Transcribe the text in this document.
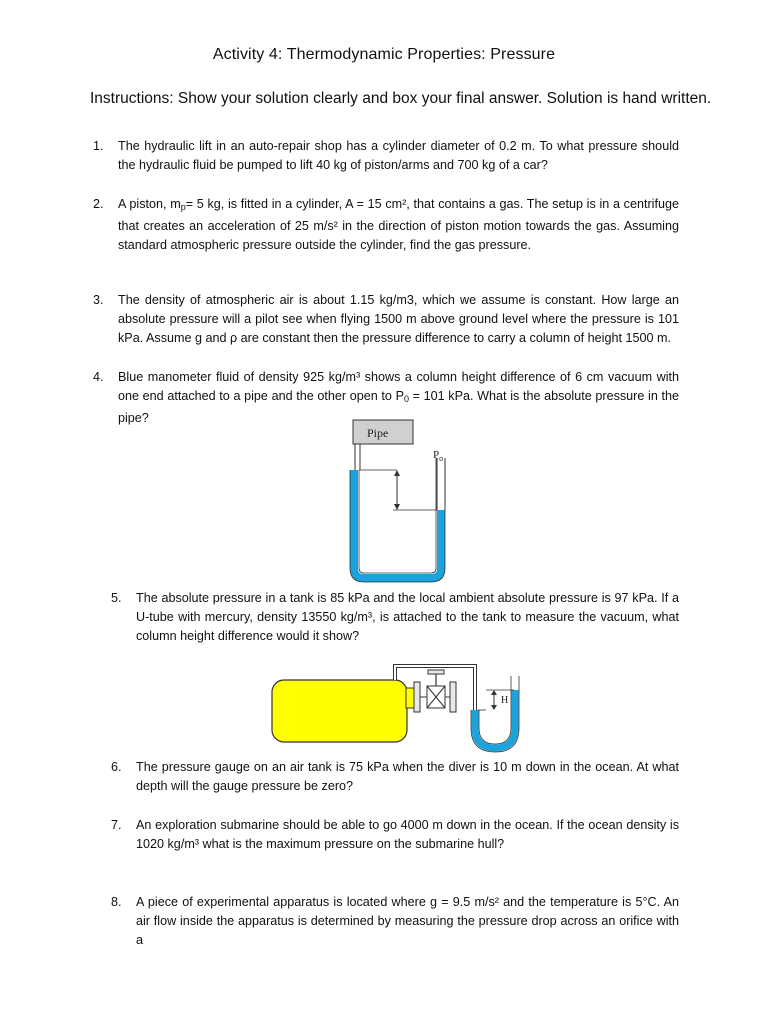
Activity 4: Thermodynamic Properties: Pressure
Instructions: Show your solution clearly and box your final answer. Solution is hand written.
1. The hydraulic lift in an auto-repair shop has a cylinder diameter of 0.2 m. To what pressure should the hydraulic fluid be pumped to lift 40 kg of piston/arms and 700 kg of a car?
2. A piston, $m_p= 5$ kg, is fitted in a cylinder, A = 15 cm², that contains a gas. The setup is in a centrifuge that creates an acceleration of 25 m/s² in the direction of piston motion towards the gas. Assuming standard atmospheric pressure outside the cylinder, find the gas pressure.
3. The density of atmospheric air is about 1.15 kg/m3, which we assume is constant. How large an absolute pressure will a pilot see when flying 1500 m above ground level where the pressure is 101 kPa. Assume g and ρ are constant then the pressure difference to carry a column of height 1500 m.
4. Blue manometer fluid of density 925 kg/m³ shows a column height difference of 6 cm vacuum with one end attached to a pipe and the other open to $P_0 = 101$ kPa. What is the absolute pressure in the pipe?
Pipe
$P_o$
5. The absolute pressure in a tank is 85 kPa and the local ambient absolute pressure is 97 kPa. If a U-tube with mercury, density 13550 kg/m³, is attached to the tank to measure the vacuum, what column height difference would it show?
H
6. The pressure gauge on an air tank is 75 kPa when the diver is 10 m down in the ocean. At what depth will the gauge pressure be zero?
7. An exploration submarine should be able to go 4000 m down in the ocean. If the ocean density is 1020 kg/m³ what is the maximum pressure on the submarine hull?
8. A piece of experimental apparatus is located where g = 9.5 m/s² and the temperature is 5°C. An air flow inside the apparatus is determined by measuring the pressure drop across an orifice with a
